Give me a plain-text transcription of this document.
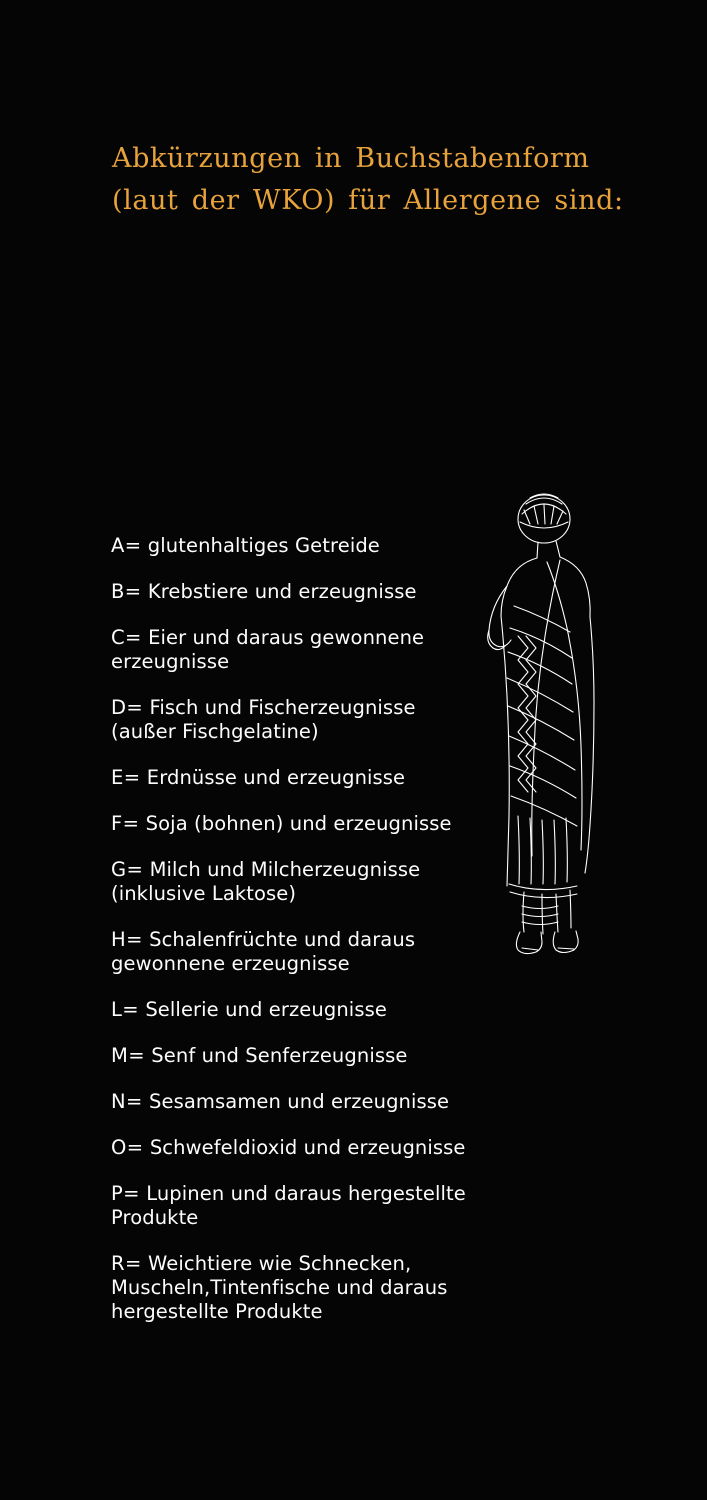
Abkürzungen in Buchstabenform
(laut der WKO) für Allergene sind:
A= glutenhaltiges Getreide
B= Krebstiere und erzeugnisse
C= Eier und daraus gewonnene
erzeugnisse
D= Fisch und Fischerzeugnisse
(außer Fischgelatine)
E= Erdnüsse und erzeugnisse
F= Soja (bohnen) und erzeugnisse
G= Milch und Milcherzeugnisse
(inklusive Laktose)
H= Schalenfrüchte und daraus
gewonnene erzeugnisse
L= Sellerie und erzeugnisse
M= Senf und Senferzeugnisse
N= Sesamsamen und erzeugnisse
O= Schwefeldioxid und erzeugnisse
P= Lupinen und daraus hergestellte
Produkte
R= Weichtiere wie Schnecken,
Muscheln,Tintenfische und daraus hergestellte Produkte
